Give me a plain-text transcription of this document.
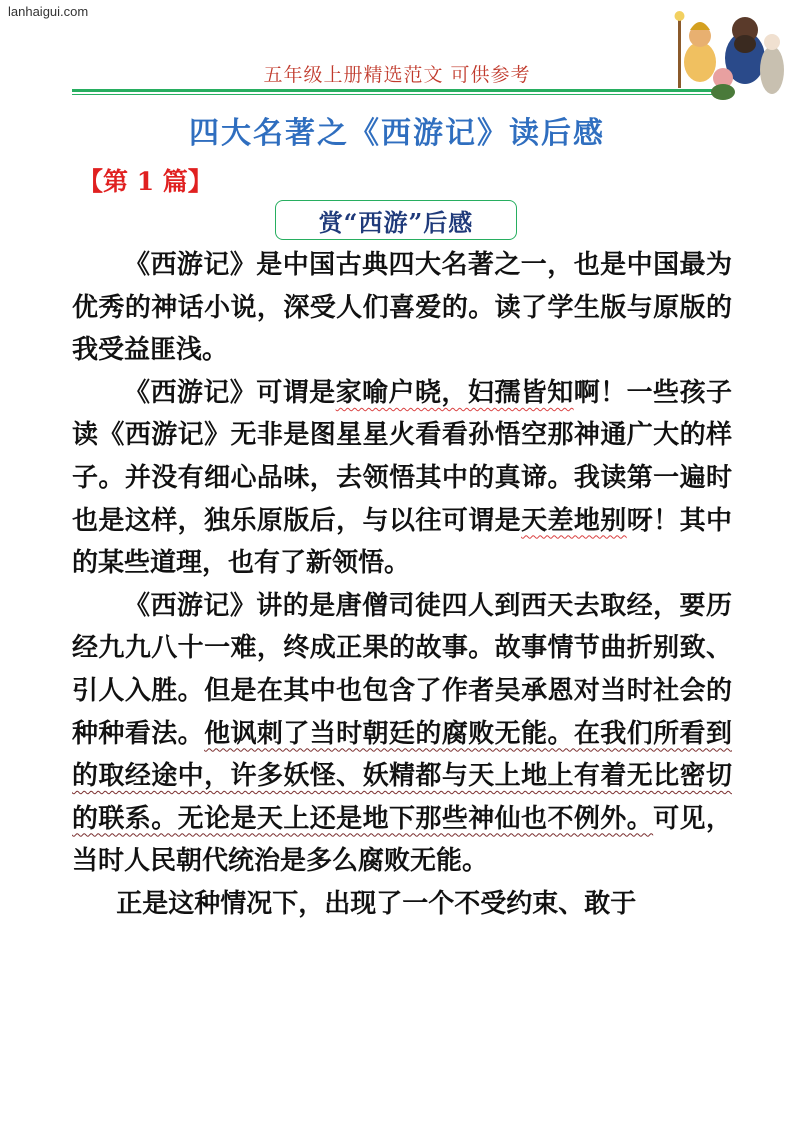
lanhaigui.com
五年级上册精选范文 可供参考
四大名著之《西游记》读后感
【第 1 篇】
赏“西游”后感

《西游记》是中国古典四大名著之一，也是中国最为优秀的神话小说，深受人们喜爱的。读了学生版与原版的我受益匪浅。

《西游记》可谓是家喻户晓，妇孺皆知啊！一些孩子读《西游记》无非是图星星火看看孙悟空那神通广大的样子。并没有细心品味，去领悟其中的真谛。我读第一遍时也是这样，独乐原版后，与以往可谓是天差地别呀！其中的某些道理，也有了新领悟。

《西游记》讲的是唐僧司徒四人到西天去取经，要历经九九八十一难，终成正果的故事。故事情节曲折别致、引人入胜。但是在其中也包含了作者吴承恩对当时社会的种种看法。他讽刺了当时朝廷的腐败无能。在我们所看到的取经途中，许多妖怪、妖精都与天上地上有着无比密切的联系。无论是天上还是地下那些神仙也不例外。可见，当时人民朝代统治是多么腐败无能。

正是这种情况下，出现了一个不受约束、敢于
